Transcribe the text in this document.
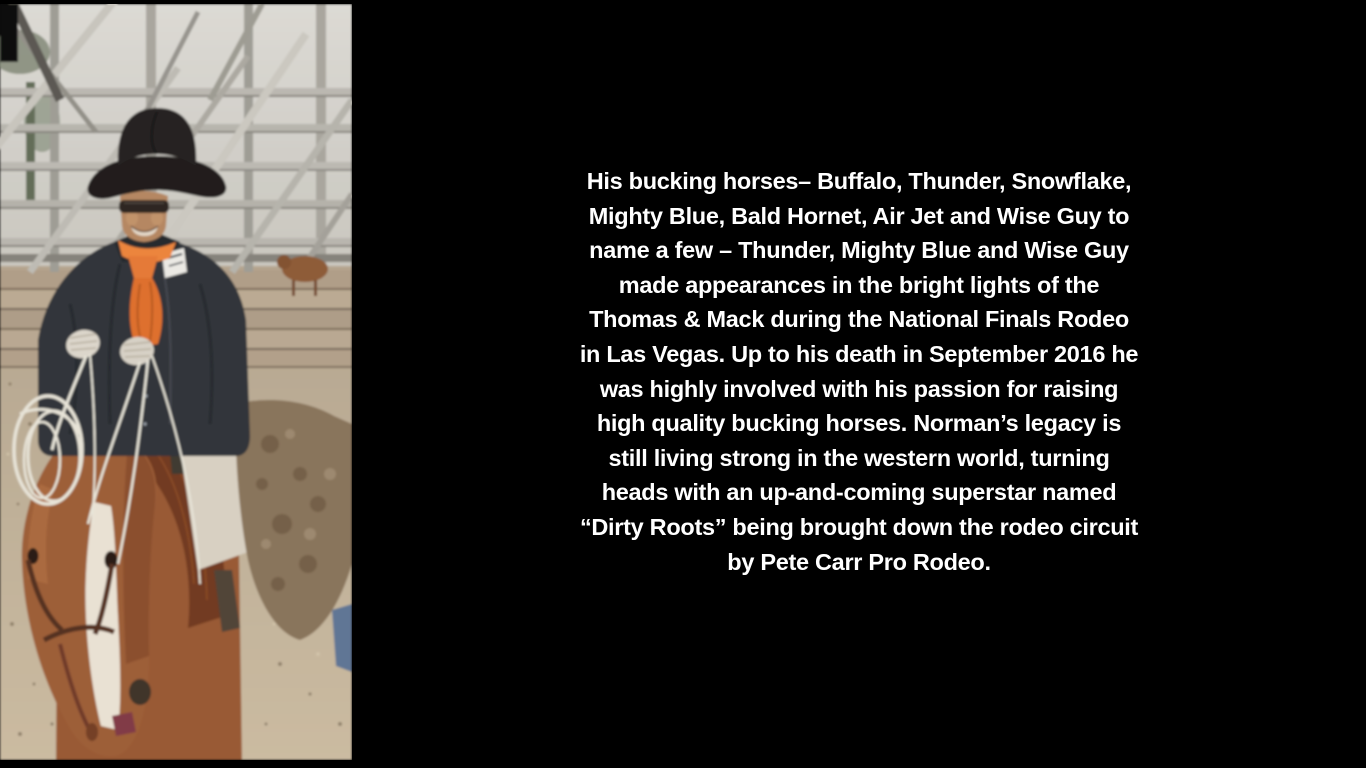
His bucking horses– Buffalo, Thunder, Snowflake,
Mighty Blue, Bald Hornet, Air Jet and Wise Guy to
name a few – Thunder, Mighty Blue and Wise Guy
made appearances in the bright lights of the
Thomas & Mack during the National Finals Rodeo
in Las Vegas. Up to his death in September 2016 he
was highly involved with his passion for raising
high quality bucking horses. Norman’s legacy is
still living strong in the western world, turning
heads with an up-and-coming superstar named
“Dirty Roots” being brought down the rodeo circuit
by Pete Carr Pro Rodeo.
